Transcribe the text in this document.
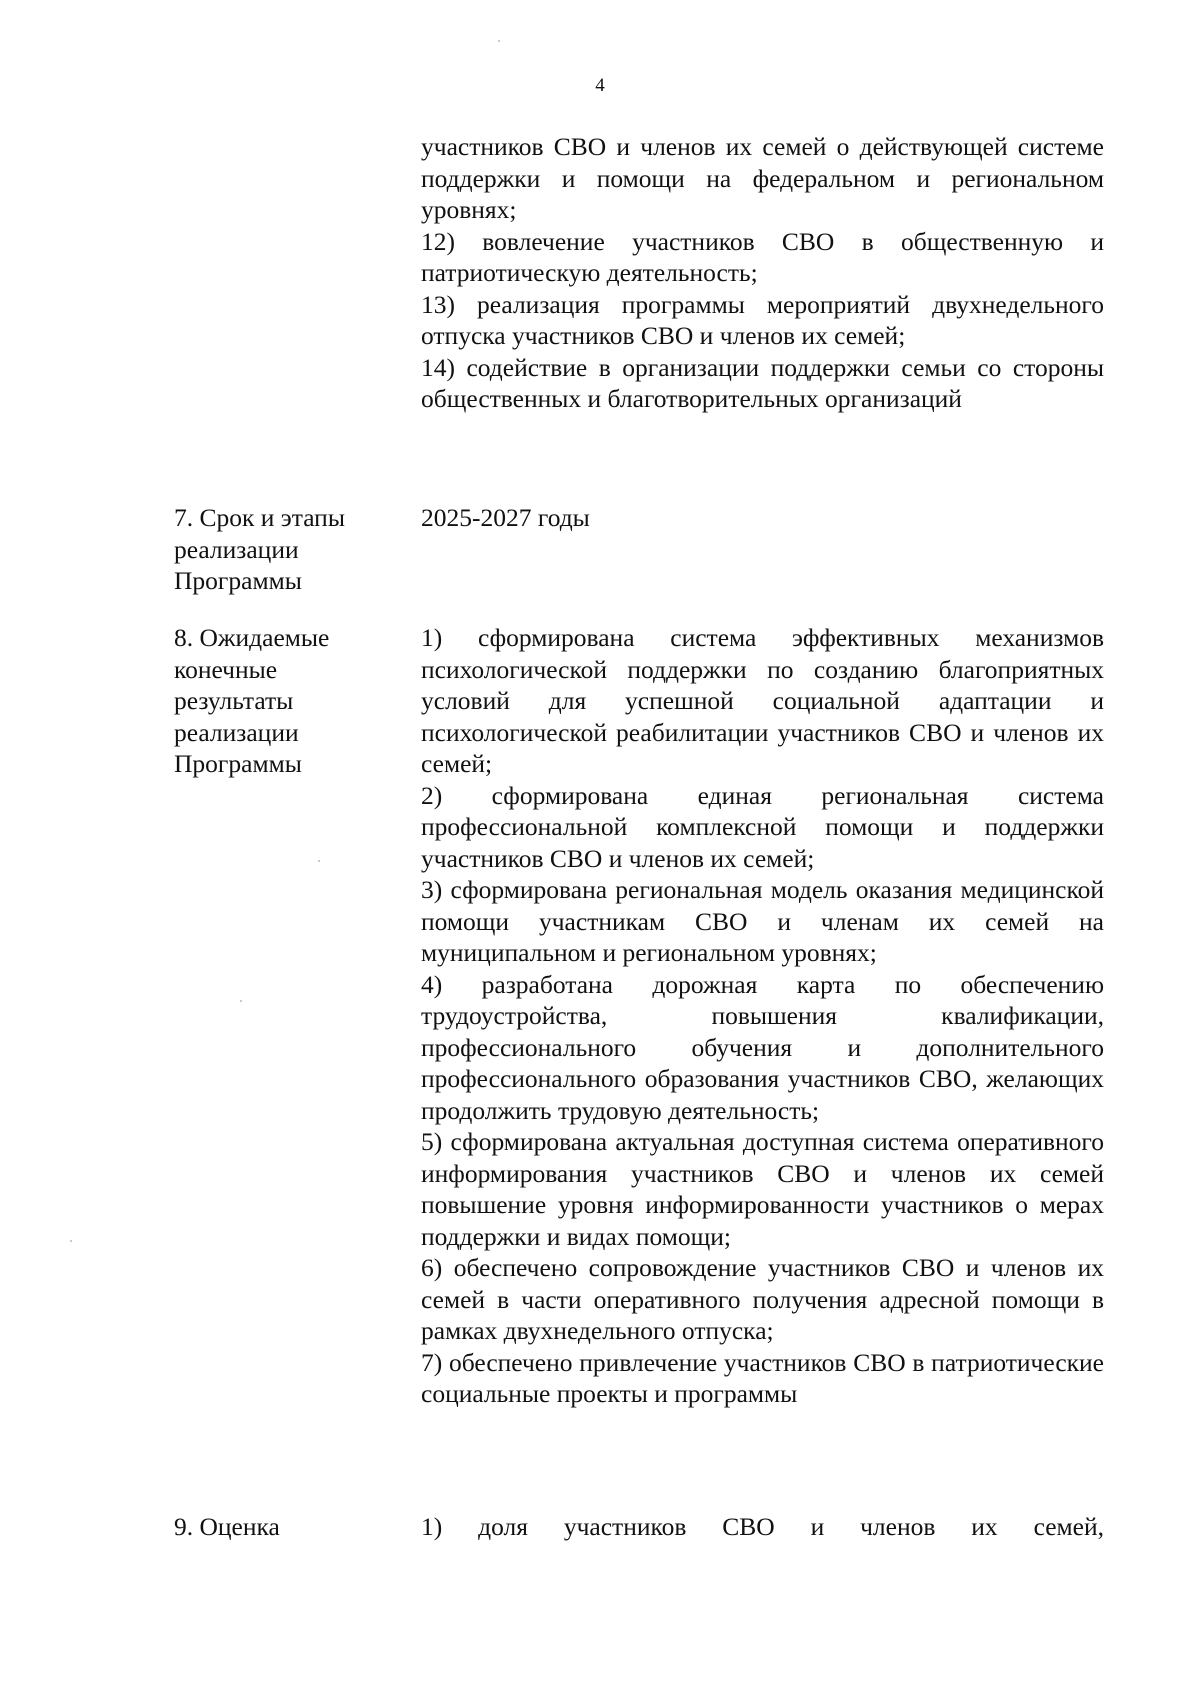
4

участников СВО и членов их семей о действующей системе поддержки и помощи на федеральном и региональном уровнях;

12) вовлечение участников СВО в общественную и патриотическую деятельность;

13) реализация программы мероприятий двухнедельного отпуска участников СВО и членов их семей;

14) содействие в организации поддержки семьи со стороны общественных и благотворительных организаций

7. Срок и этапы
реализации
Программы

2025-2027 годы

8. Ожидаемые
конечные
результаты
реализации
Программы

1) сформирована система эффективных механизмов психологической поддержки по созданию благоприятных условий для успешной социальной адаптации и психологической реабилитации участников СВО и членов их семей;

2) сформирована единая региональная система профессиональной комплексной помощи и поддержки участников СВО и членов их семей;

3) сформирована региональная модель оказания медицинской помощи участникам СВО и членам их семей на муниципальном и региональном уровнях;

4) разработана дорожная карта по обеспечению трудоустройства, повышения квалификации, профессионального обучения и дополнительного профессионального образования участников СВО, желающих продолжить трудовую деятельность;

5) сформирована актуальная доступная система оперативного информирования участников СВО и членов их семей повышение уровня информированности участников о мерах поддержки и видах помощи;

6) обеспечено сопровождение участников СВО и членов их семей в части оперативного получения адресной помощи в рамках двухнедельного отпуска;

7) обеспечено привлечение участников СВО в патриотические социальные проекты и программы

9. Оценка	1) доля участников СВО и членов их семей,
